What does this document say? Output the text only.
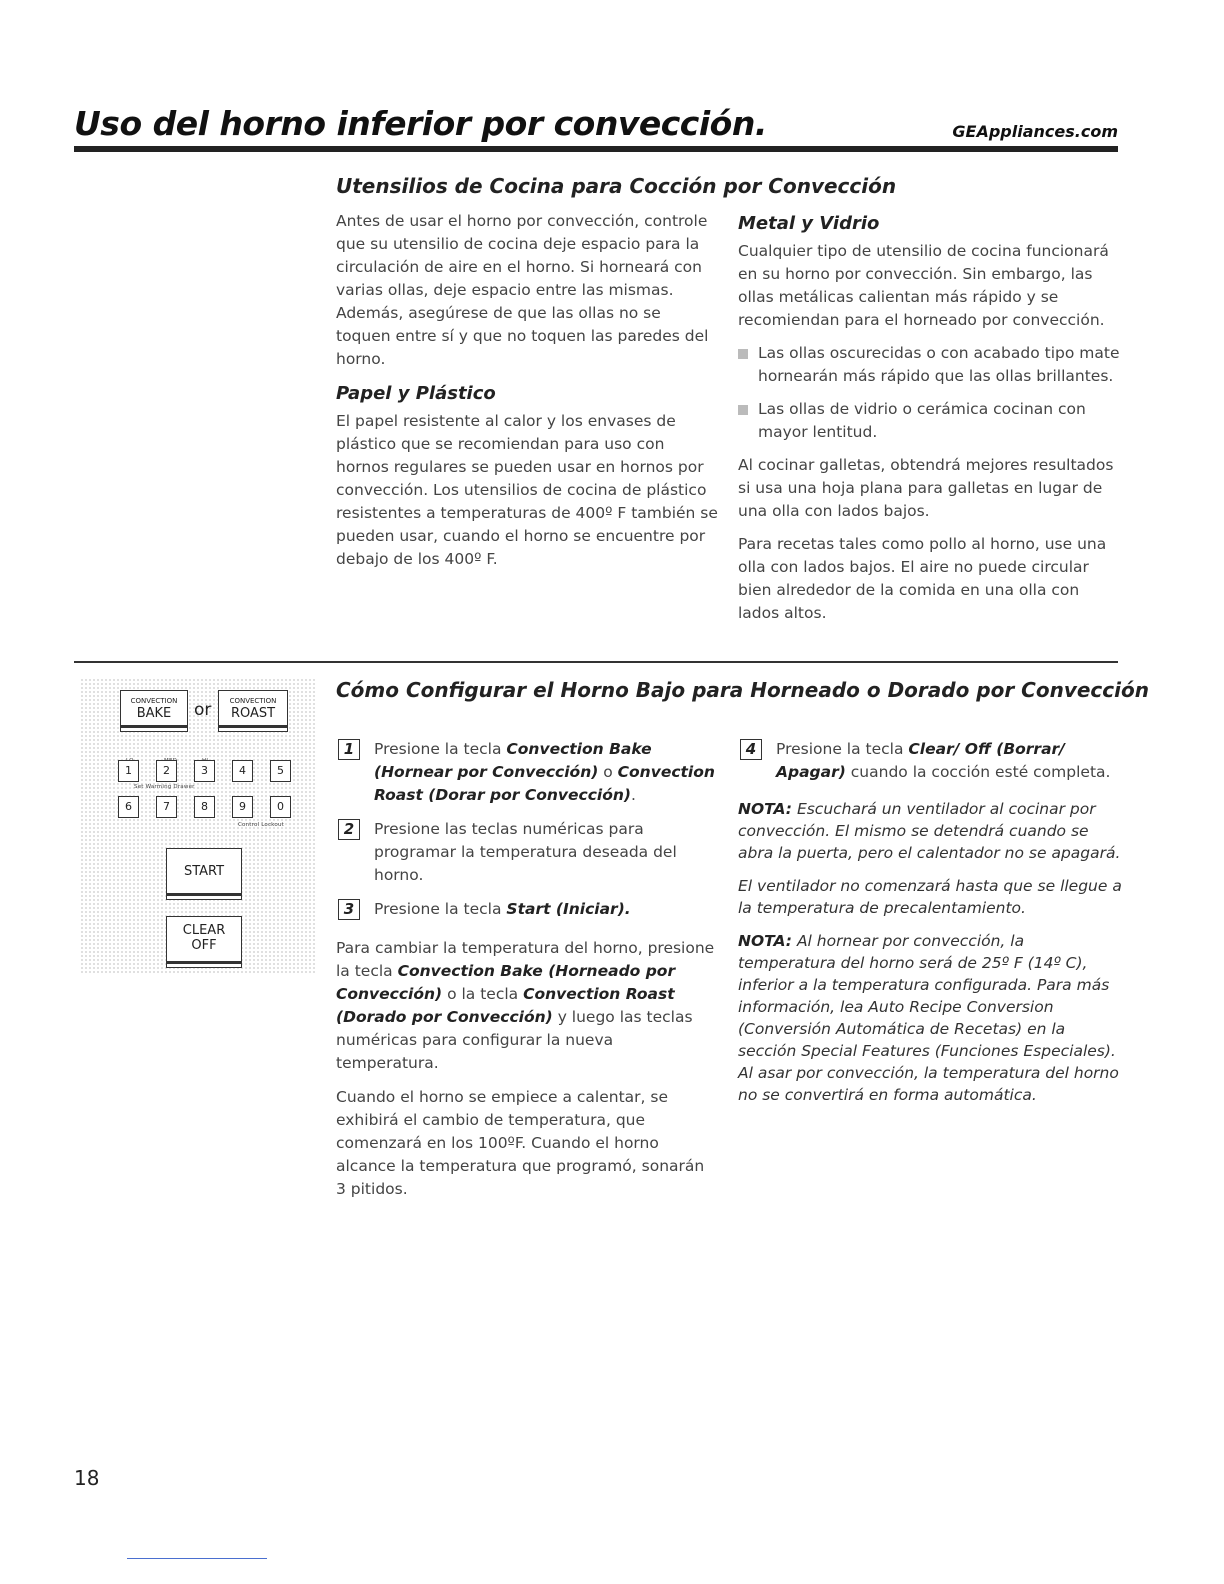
Uso del horno inferior por convección.	GEAppliances.com
Utensilios de Cocina para Cocción por Convección

Antes de usar el horno por convección, controle que su utensilio de cocina deje espacio para la circulación de aire en el horno. Si horneará con varias ollas, deje espacio entre las mismas. Además, asegúrese de que las ollas no se toquen entre sí y que no toquen las paredes del horno.

Papel y Plástico

El papel resistente al calor y los envases de plástico que se recomiendan para uso con hornos regulares se pueden usar en hornos por convección. Los utensilios de cocina de plástico resistentes a temperaturas de 400º F también se pueden usar, cuando el horno se encuentre por debajo de los 400º F.

Metal y Vidrio

Cualquier tipo de utensilio de cocina funcionará en su horno por convección. Sin embargo, las ollas metálicas calientan más rápido y se recomiendan para el horneado por convección.

Las ollas oscurecidas o con acabado tipo mate hornearán más rápido que las ollas brillantes.
Las ollas de vidrio o cerámica cocinan con mayor lentitud.

Al cocinar galletas, obtendrá mejores resultados si usa una hoja plana para galletas en lugar de una olla con lados bajos.

Para recetas tales como pollo al horno, use una olla con lados bajos. El aire no puede circular bien alrededor de la comida en una olla con lados altos.

CONVECTION
BAKE	or	CONVECTION
ROAST
1	2	3	4	5
Set Warming Drawer
6	7	8	9	0
Control Lockout
START
CLEAR
OFF
Cómo Configurar el Horno Bajo para Horneado o Dorado por Convección
1	Presione la tecla Convection Bake (Hornear por Convección) o Convection Roast (Dorar por Convección).
2	Presione las teclas numéricas para programar la temperatura deseada del horno.
3	Presione la tecla Start (Iniciar).

Para cambiar la temperatura del horno, presione la tecla Convection Bake (Horneado por Convección) o la tecla Convection Roast (Dorado por Convección) y luego las teclas numéricas para configurar la nueva temperatura.

Cuando el horno se empiece a calentar, se exhibirá el cambio de temperatura, que comenzará en los 100ºF. Cuando el horno alcance la temperatura que programó, sonarán 3 pitidos.

4	Presione la tecla Clear/ Off (Borrar/ Apagar) cuando la cocción esté completa.

NOTA: Escuchará un ventilador al cocinar por convección. El mismo se detendrá cuando se abra la puerta, pero el calentador no se apagará.

El ventilador no comenzará hasta que se llegue a la temperatura de precalentamiento.

NOTA: Al hornear por convección, la temperatura del horno será de 25º F (14º C), inferior a la temperatura configurada. Para más información, lea Auto Recipe Conversion (Conversión Automática de Recetas) en la sección Special Features (Funciones Especiales). Al asar por convección, la temperatura del horno no se convertirá en forma automática.

18
